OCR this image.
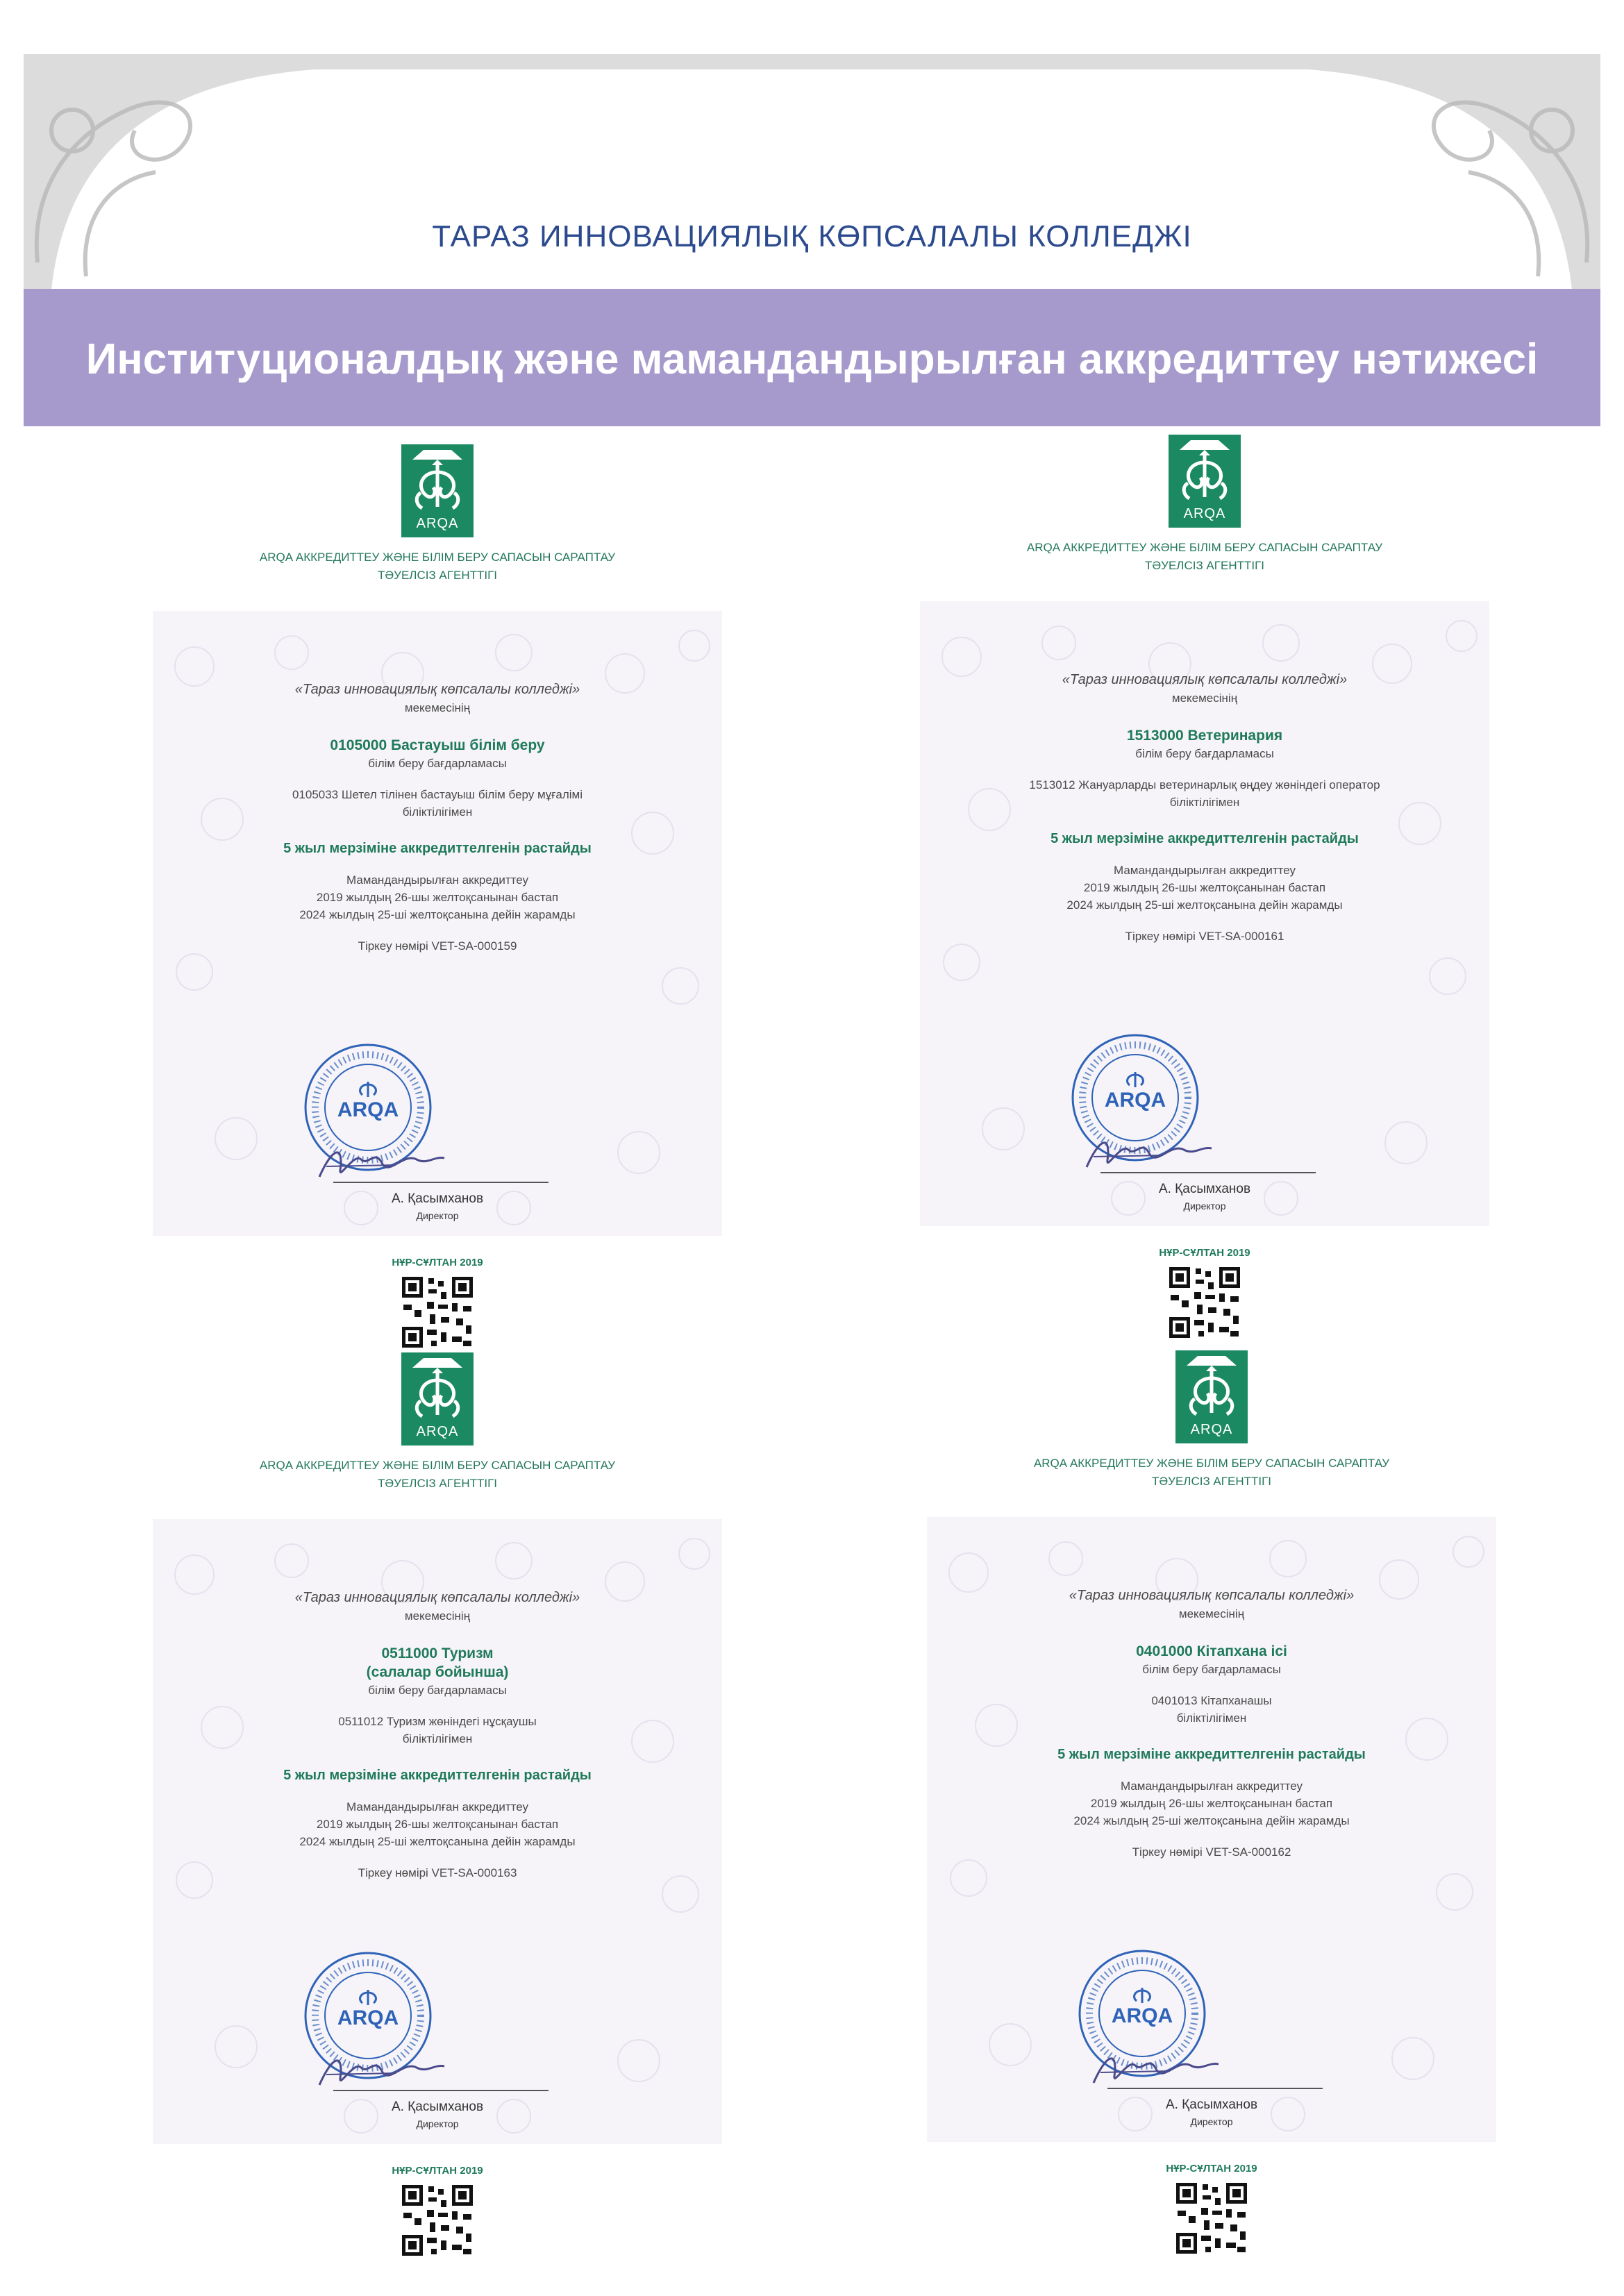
ТАРАЗ ИННОВАЦИЯЛЫҚ КӨПСАЛАЛЫ КОЛЛЕДЖІ
Институционалдық және мамандандырылған аккредиттеу нәтижесі
ARQA
ARQA АККРЕДИТТЕУ ЖӘНЕ БІЛІМ БЕРУ САПАСЫН САРАПТАУ
ТӘУЕЛСІЗ АГЕНТТІГІ
«Тараз инновациялық көпсалалы колледжі»
мекемесінің
0105000 Бастауыш білім беру
білім беру бағдарламасы
0105033 Шетел тілінен бастауыш білім беру мұғалімі
біліктілігімен
5 жыл мерзіміне аккредиттелгенін растайды
Мамандандырылған аккредиттеу
2019 жылдың 26-шы желтоқсанынан бастап
2024 жылдың 25-ші желтоқсанына дейін жарамды
Тіркеу нөмірі VET-SA-000159
ARQA
А. Қасымханов
Директор
НҰР-СҰЛТАН 2019
ARQA
ARQA АККРЕДИТТЕУ ЖӘНЕ БІЛІМ БЕРУ САПАСЫН САРАПТАУ
ТӘУЕЛСІЗ АГЕНТТІГІ
«Тараз инновациялық көпсалалы колледжі»
мекемесінің
1513000 Ветеринария
білім беру бағдарламасы
1513012 Жануарларды ветеринарлық өңдеу жөніндегі оператор
біліктілігімен
5 жыл мерзіміне аккредиттелгенін растайды
Мамандандырылған аккредиттеу
2019 жылдың 26-шы желтоқсанынан бастап
2024 жылдың 25-ші желтоқсанына дейін жарамды
Тіркеу нөмірі VET-SA-000161
ARQA
А. Қасымханов
Директор
НҰР-СҰЛТАН 2019
ARQA
ARQA АККРЕДИТТЕУ ЖӘНЕ БІЛІМ БЕРУ САПАСЫН САРАПТАУ
ТӘУЕЛСІЗ АГЕНТТІГІ
«Тараз инновациялық көпсалалы колледжі»
мекемесінің
0511000 Туризм
(салалар бойынша)
білім беру бағдарламасы
0511012 Туризм жөніндегі нұсқаушы
біліктілігімен
5 жыл мерзіміне аккредиттелгенін растайды
Мамандандырылған аккредиттеу
2019 жылдың 26-шы желтоқсанынан бастап
2024 жылдың 25-ші желтоқсанына дейін жарамды
Тіркеу нөмірі VET-SA-000163
ARQA
А. Қасымханов
Директор
НҰР-СҰЛТАН 2019
ARQA
ARQA АККРЕДИТТЕУ ЖӘНЕ БІЛІМ БЕРУ САПАСЫН САРАПТАУ
ТӘУЕЛСІЗ АГЕНТТІГІ
«Тараз инновациялық көпсалалы колледжі»
мекемесінің
0401000 Кітапхана ісі
білім беру бағдарламасы
0401013 Кітапханашы
біліктілігімен
5 жыл мерзіміне аккредиттелгенін растайды
Мамандандырылған аккредиттеу
2019 жылдың 26-шы желтоқсанынан бастап
2024 жылдың 25-ші желтоқсанына дейін жарамды
Тіркеу нөмірі VET-SA-000162
ARQA
А. Қасымханов
Директор
НҰР-СҰЛТАН 2019
